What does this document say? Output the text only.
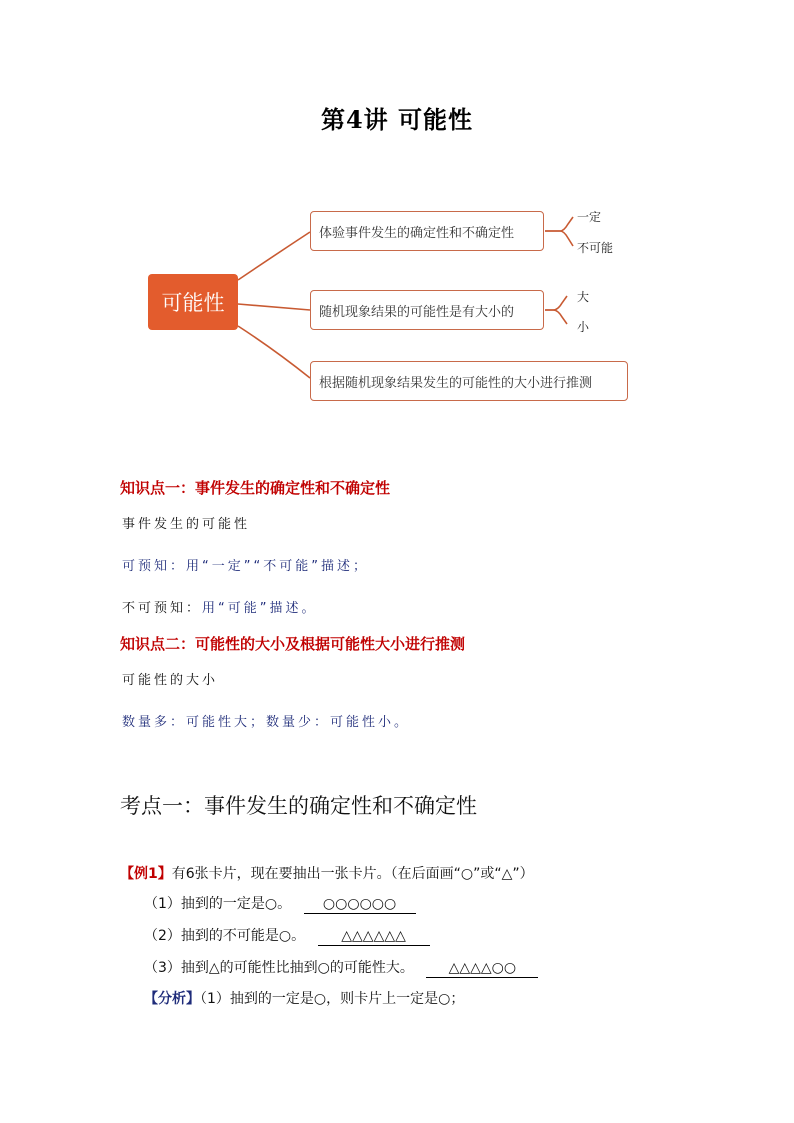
第4讲 可能性
可能性
体验事件发生的确定性和不确定性
随机现象结果的可能性是有大小的
根据随机现象结果发生的可能性的大小进行推测
一定
不可能
大
小
知识点一：事件发生的确定性和不确定性
事件发生的可能性
可预知：用“一定”“不可能”描述；
不可预知：用“可能”描述。
知识点二：可能性的大小及根据可能性大小进行推测
可能性的大小
数量多：可能性大；数量少：可能性小。
考点一：事件发生的确定性和不确定性
【例1】有6张卡片，现在要抽出一张卡片。（在后面画“○”或“△”）
（1）抽到的一定是○。 ○○○○○○
（2）抽到的不可能是○。	△△△△△△
（3）抽到△的可能性比抽到○的可能性大。 △△△△○○
【分析】（1）抽到的一定是○，则卡片上一定是○；
